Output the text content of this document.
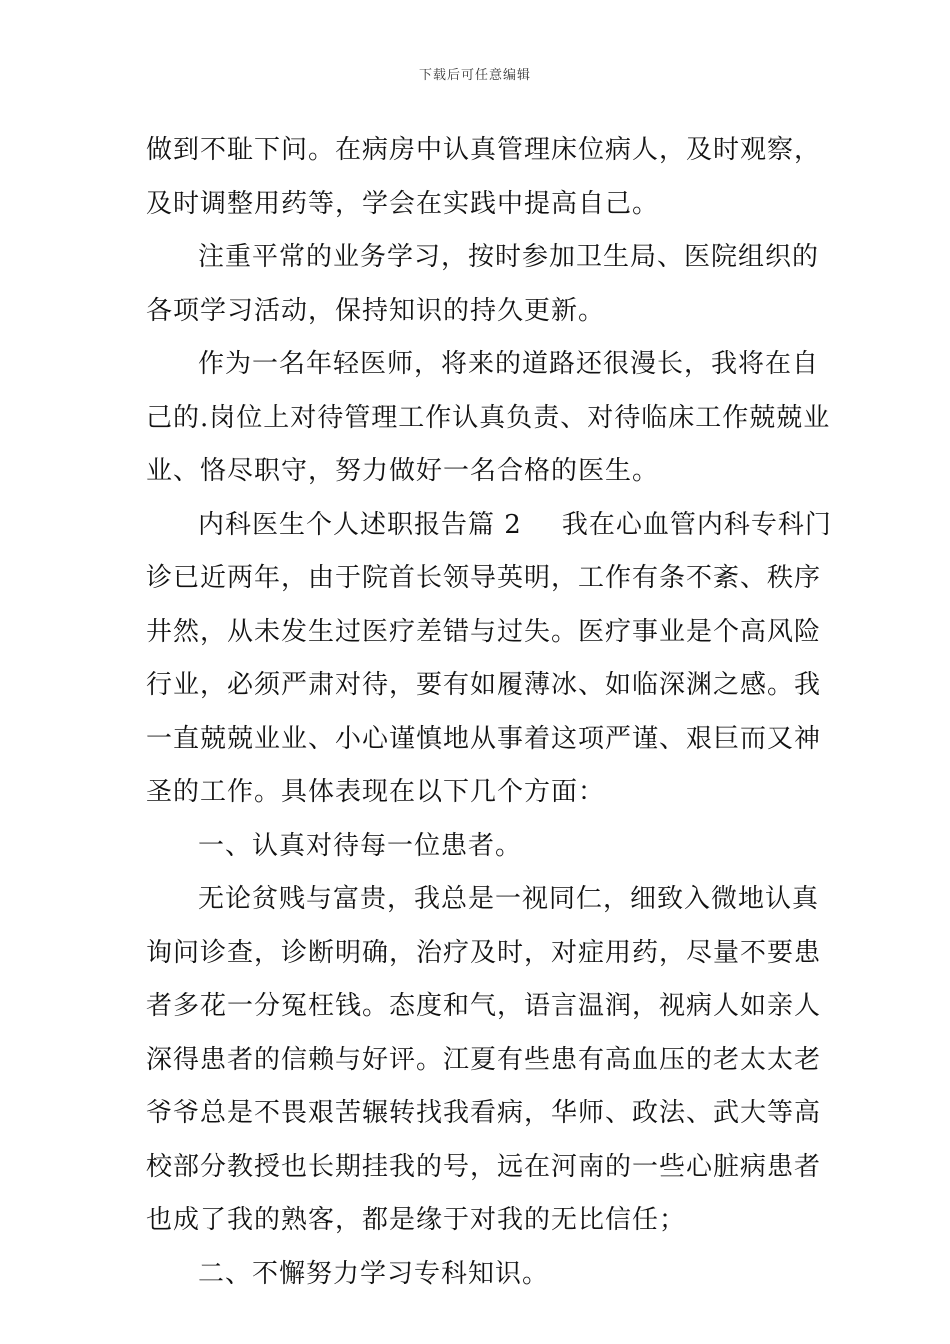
下载后可任意编辑
做到不耻下问。在病房中认真管理床位病人，及时观察，
及时调整用药等，学会在实践中提高自己。
注重平常的业务学习，按时参加卫生局、医院组织的
各项学习活动，保持知识的持久更新。
作为一名年轻医师，将来的道路还很漫长，我将在自
己的.岗位上对待管理工作认真负责、对待临床工作兢兢业
业、恪尽职守，努力做好一名合格的医生。
内科医生个人述职报告篇 2 我在心血管内科专科门
诊已近两年，由于院首长领导英明，工作有条不紊、秩序
井然，从未发生过医疗差错与过失。医疗事业是个高风险
行业，必须严肃对待，要有如履薄冰、如临深渊之感。我
一直兢兢业业、小心谨慎地从事着这项严谨、艰巨而又神
圣的工作。具体表现在以下几个方面：
一、认真对待每一位患者。
无论贫贱与富贵，我总是一视同仁，细致入微地认真
询问诊查，诊断明确，治疗及时，对症用药，尽量不要患
者多花一分冤枉钱。态度和气，语言温润，视病人如亲人
深得患者的信赖与好评。江夏有些患有高血压的老太太老
爷爷总是不畏艰苦辗转找我看病，华师、政法、武大等高
校部分教授也长期挂我的号，远在河南的一些心脏病患者
也成了我的熟客，都是缘于对我的无比信任；
二、不懈努力学习专科知识。
